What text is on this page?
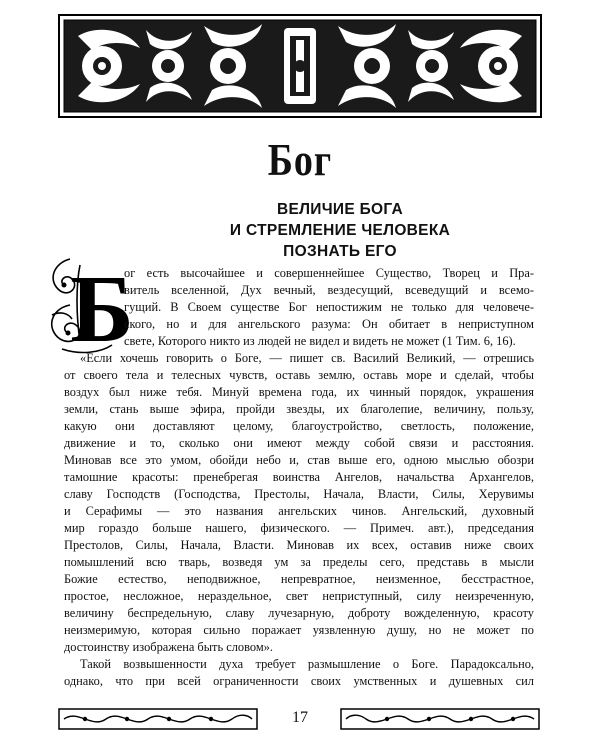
Бог
ВЕЛИЧИЕ БОГА
И СТРЕМЛЕНИЕ ЧЕЛОВЕКА
ПОЗНАТЬ ЕГО
Б
ог есть высочайшее и совершеннейшее Существо, Творец и Пра-
витель вселенной, Дух вечный, вездесущий, всеведущий и всемо-
гущий. В Своем существе Бог непостижим не только для человече-
ского, но и для ангельского разума: Он обитает в неприступном
свете, Которого никто из людей не видел и видеть не может (1 Тим. 6, 16).
«Если хочешь говорить о Боге, — пишет св. Василий Великий, — отрешись
от своего тела и телесных чувств, оставь землю, оставь море и сделай, чтобы
воздух был ниже тебя. Минуй времена года, их чинный порядок, украшения
земли, стань выше эфира, пройди звезды, их благолепие, величину, пользу,
какую они доставляют целому, благоустройство, светлость, положение,
движение и то, сколько они имеют между собой связи и расстояния.
Миновав все это умом, обойди небо и, став выше его, одною мыслью обозри
тамошние красоты: пренебрегая воинства Ангелов, начальства Архангелов,
славу Господств (Господства, Престолы, Начала, Власти, Силы, Херувимы
и Серафимы — это названия ангельских чинов. Ангельский, духовный
мир гораздо больше нашего, физического. — Примеч. авт.), председания
Престолов, Силы, Начала, Власти. Миновав их всех, оставив ниже своих
помышлений всю тварь, возведя ум за пределы сего, представь в мысли
Божие естество, неподвижное, непревратное, неизменное, бесстрастное,
простое, несложное, нераздельное, свет неприступный, силу неизреченную,
величину беспредельную, славу лучезарную, доброту вожделенную, красоту
неизмеримую, которая сильно поражает уязвленную душу, но не может по
достоинству изображена быть словом».
Такой возвышенности духа требует размышление о Боге. Парадоксально,
однако, что при всей ограниченности своих умственных и душевных сил
17
